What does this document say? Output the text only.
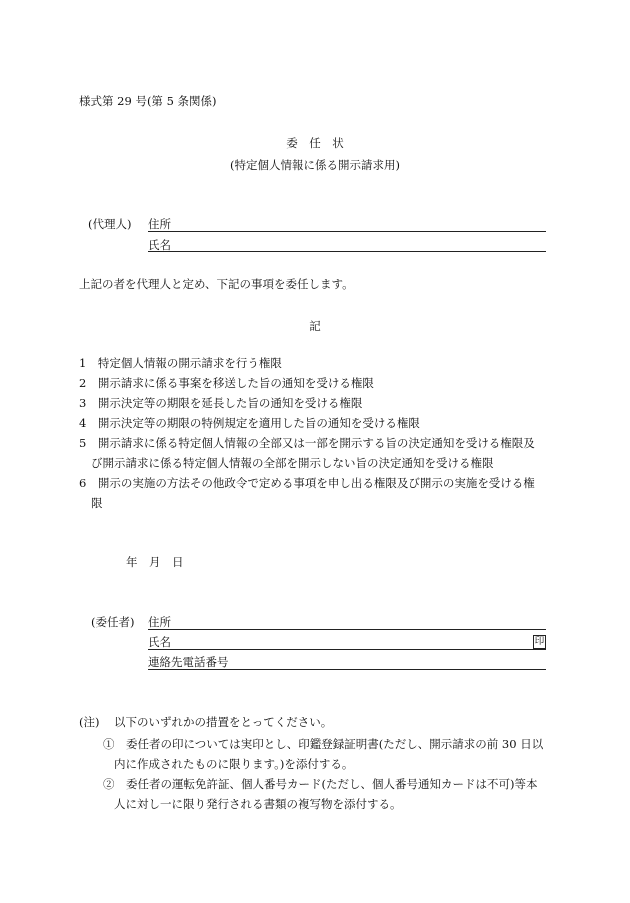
様式第 29 号(第 5 条関係)
委　任　状
(特定個人情報に係る開示請求用)
(代理人) 住所
氏名
上記の者を代理人と定め、下記の事項を委任します。
記
1　特定個人情報の開示請求を行う権限
2　開示請求に係る事案を移送した旨の通知を受ける権限
3　開示決定等の期限を延長した旨の通知を受ける権限
4　開示決定等の期限の特例規定を適用した旨の通知を受ける権限
5　開示請求に係る特定個人情報の全部又は一部を開示する旨の決定通知を受ける権限及
び開示請求に係る特定個人情報の全部を開示しない旨の決定通知を受ける権限
6　開示の実施の方法その他政令で定める事項を申し出る権限及び開示の実施を受ける権
限
年　月　日
(委任者) 住所
氏名	印
連絡先電話番号
(注) 以下のいずれかの措置をとってください。
①　委任者の印については実印とし、印鑑登録証明書(ただし、開示請求の前 30 日以
内に作成されたものに限ります。)を添付する。
②　委任者の運転免許証、個人番号カード(ただし、個人番号通知カードは不可)等本
人に対し一に限り発行される書類の複写物を添付する。
